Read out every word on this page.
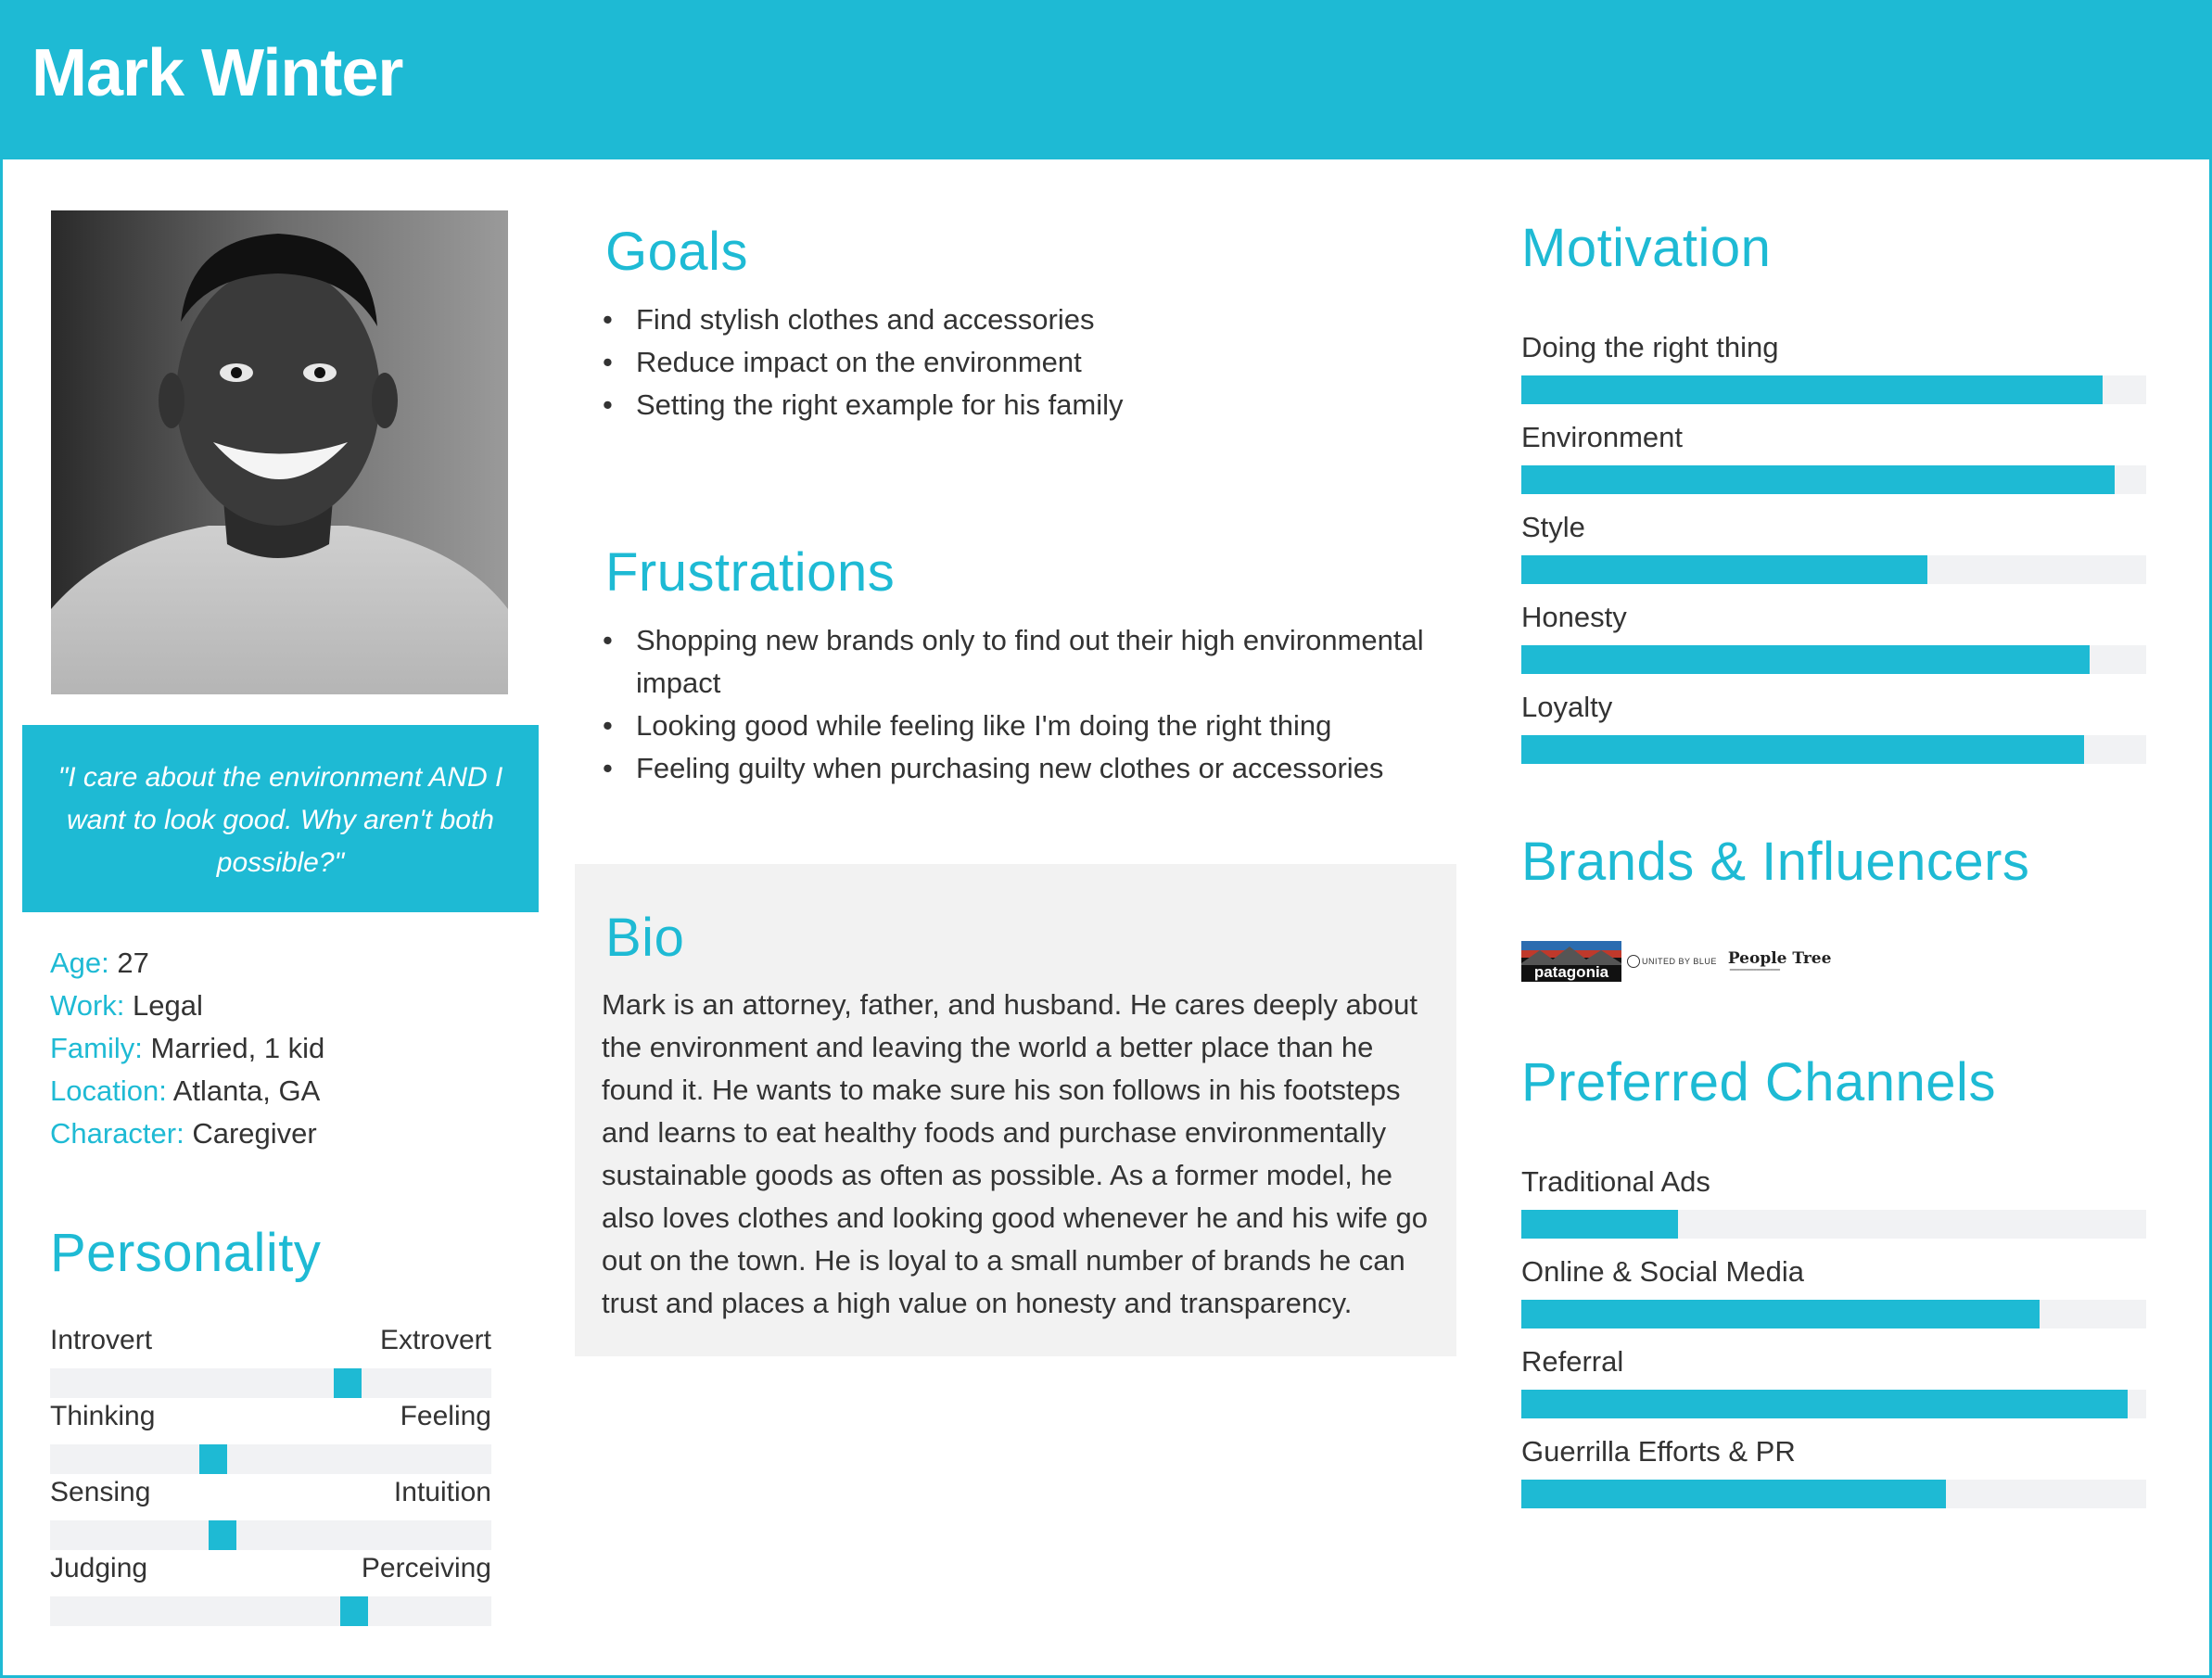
Mark Winter
"I care about the environment AND I want to look good. Why aren't both possible?"
Age: 27
Work: Legal
Family: Married, 1 kid
Location: Atlanta, GA
Character: Caregiver
Personality
Introvert	Extrovert
Thinking	Feeling
Sensing	Intuition
Judging	Perceiving
Goals
• Find stylish clothes and accessories
• Reduce impact on the environment
• Setting the right example for his family
Frustrations
• Shopping new brands only to find out their high environmental impact
• Looking good while feeling like I'm doing the right thing
• Feeling guilty when purchasing new clothes or accessories
Bio
Mark is an attorney, father, and husband. He cares deeply about the environment and leaving the world a better place than he found it. He wants to make sure his son follows in his footsteps and learns to eat healthy foods and purchase environmentally sustainable goods as often as possible. As a former model, he also loves clothes and looking good whenever he and his wife go out on the town. He is loyal to a small number of brands he can trust and places a high value on honesty and transparency.
Motivation
Doing the right thing
Environment
Style
Honesty
Loyalty
Brands & Influencers
patagonia
UNITED BY BLUE People Tree
━━━━━━━━━━━━━━━
Preferred Channels
Traditional Ads
Online & Social Media
Referral
Guerrilla Efforts & PR
